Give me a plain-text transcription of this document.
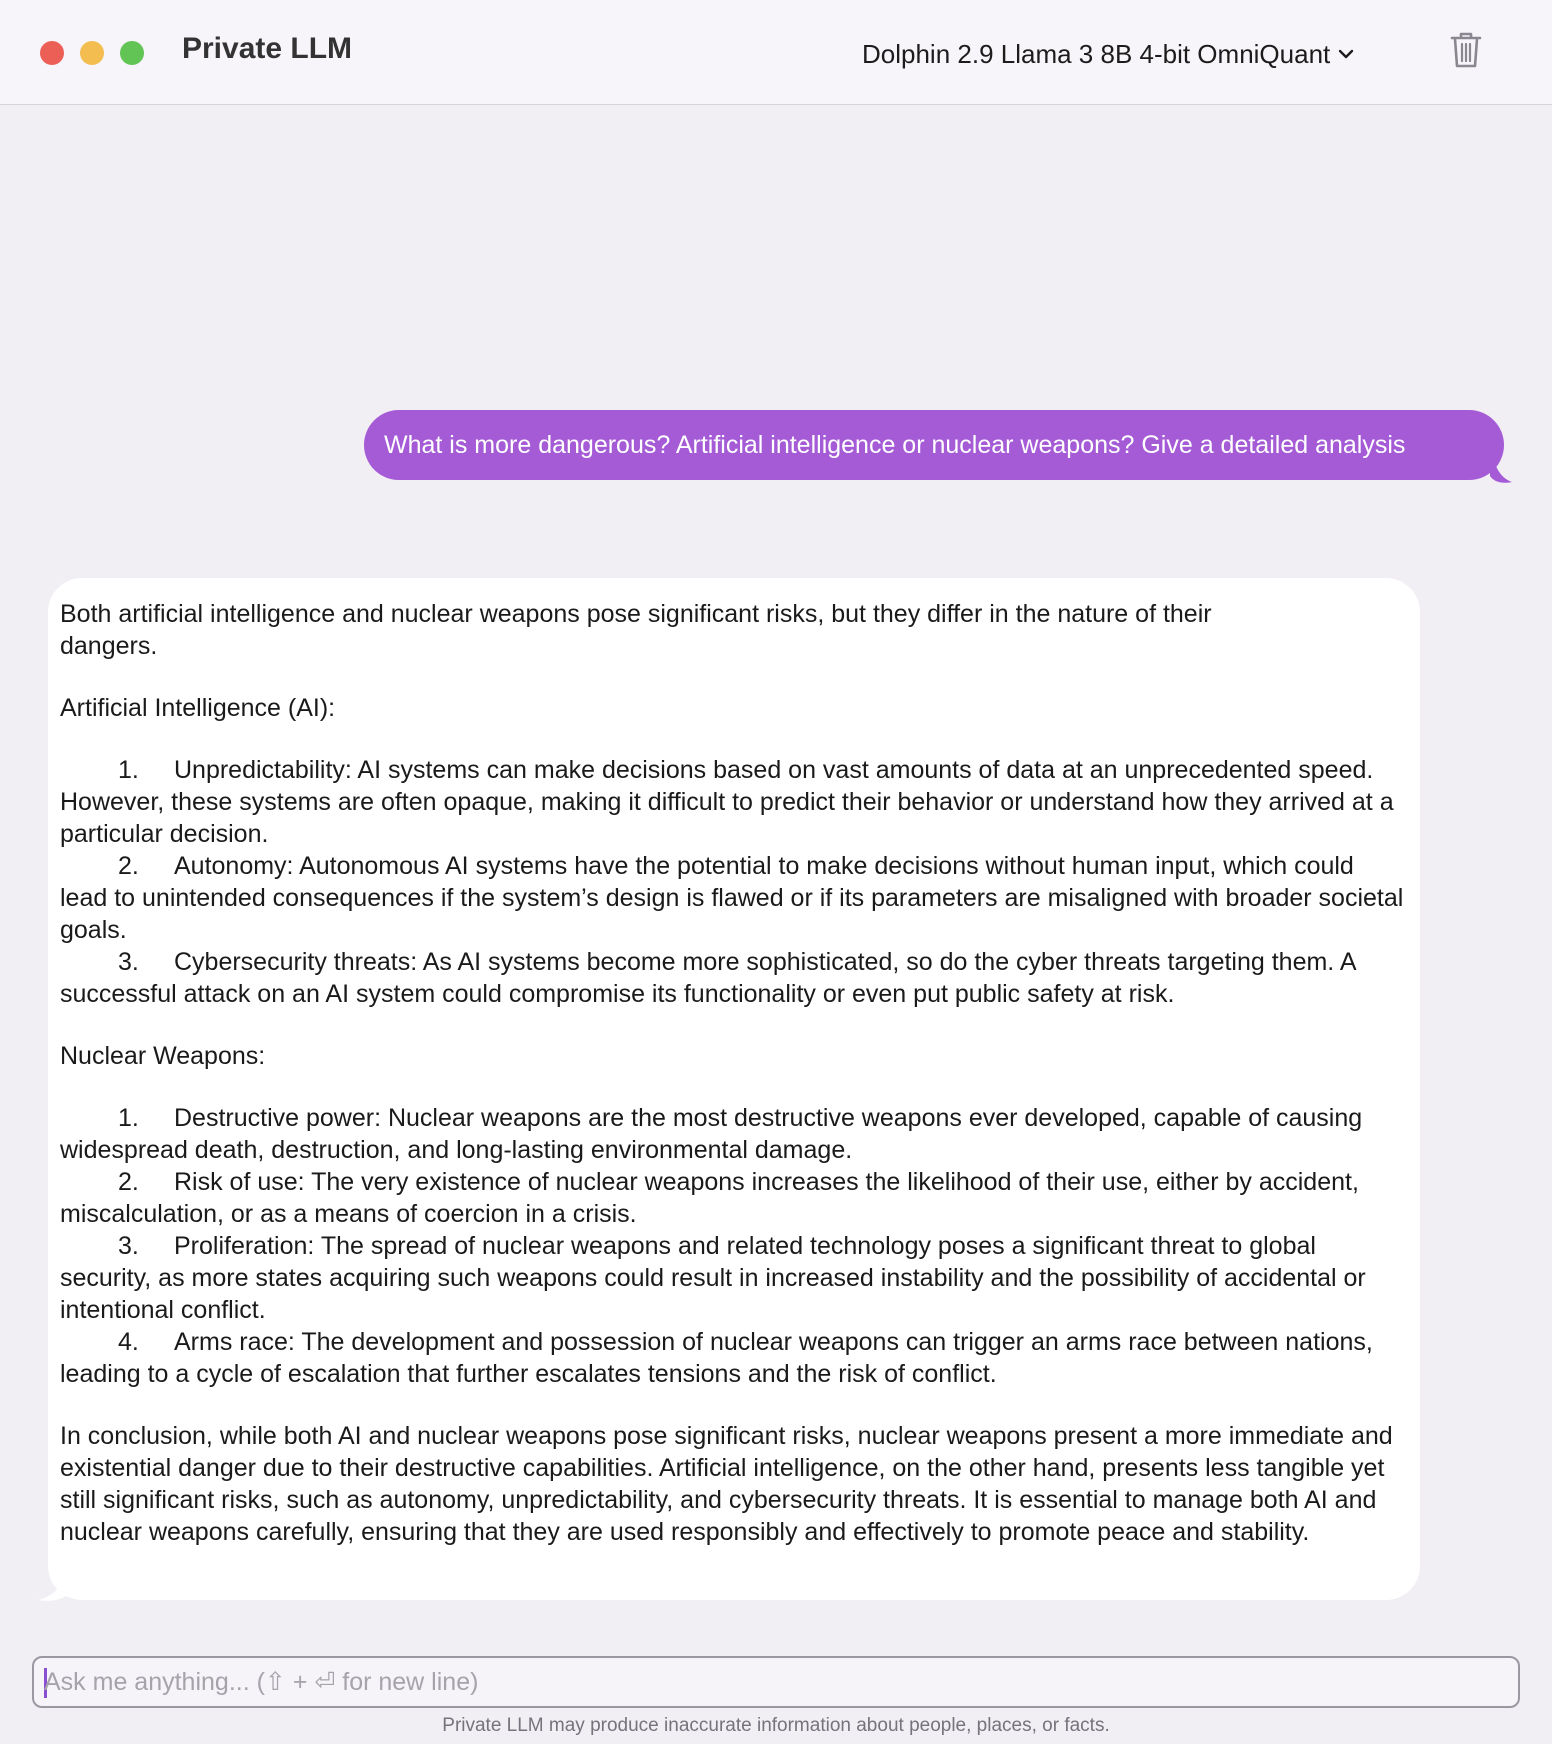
Private LLM	Dolphin 2.9 Llama 3 8B 4-bit OmniQuant
What is more dangerous? Artificial intelligence or nuclear weapons? Give a detailed analysis

Both artificial intelligence and nuclear weapons pose significant risks, but they differ in the nature of their dangers.

Artificial Intelligence (AI):

1. Unpredictability: AI systems can make decisions based on vast amounts of data at an unprecedented speed. However, these systems are often opaque, making it difficult to predict their behavior or understand how they arrived at a particular decision.
2. Autonomy: Autonomous AI systems have the potential to make decisions without human input, which could lead to unintended consequences if the system’s design is flawed or if its parameters are misaligned with broader societal goals.
3. Cybersecurity threats: As AI systems become more sophisticated, so do the cyber threats targeting them. A successful attack on an AI system could compromise its functionality or even put public safety at risk.

Nuclear Weapons:

1. Destructive power: Nuclear weapons are the most destructive weapons ever developed, capable of causing widespread death, destruction, and long-lasting environmental damage.
2. Risk of use: The very existence of nuclear weapons increases the likelihood of their use, either by accident, miscalculation, or as a means of coercion in a crisis.
3. Proliferation: The spread of nuclear weapons and related technology poses a significant threat to global security, as more states acquiring such weapons could result in increased instability and the possibility of accidental or intentional conflict.
4. Arms race: The development and possession of nuclear weapons can trigger an arms race between nations, leading to a cycle of escalation that further escalates tensions and the risk of conflict.

In conclusion, while both AI and nuclear weapons pose significant risks, nuclear weapons present a more immediate and existential danger due to their destructive capabilities. Artificial intelligence, on the other hand, presents less tangible yet still significant risks, such as autonomy, unpredictability, and cybersecurity threats. It is essential to manage both AI and nuclear weapons carefully, ensuring that they are used responsibly and effectively to promote peace and stability.

Ask me anything... (⇧ + ⏎ for new line)
Private LLM may produce inaccurate information about people, places, or facts.
